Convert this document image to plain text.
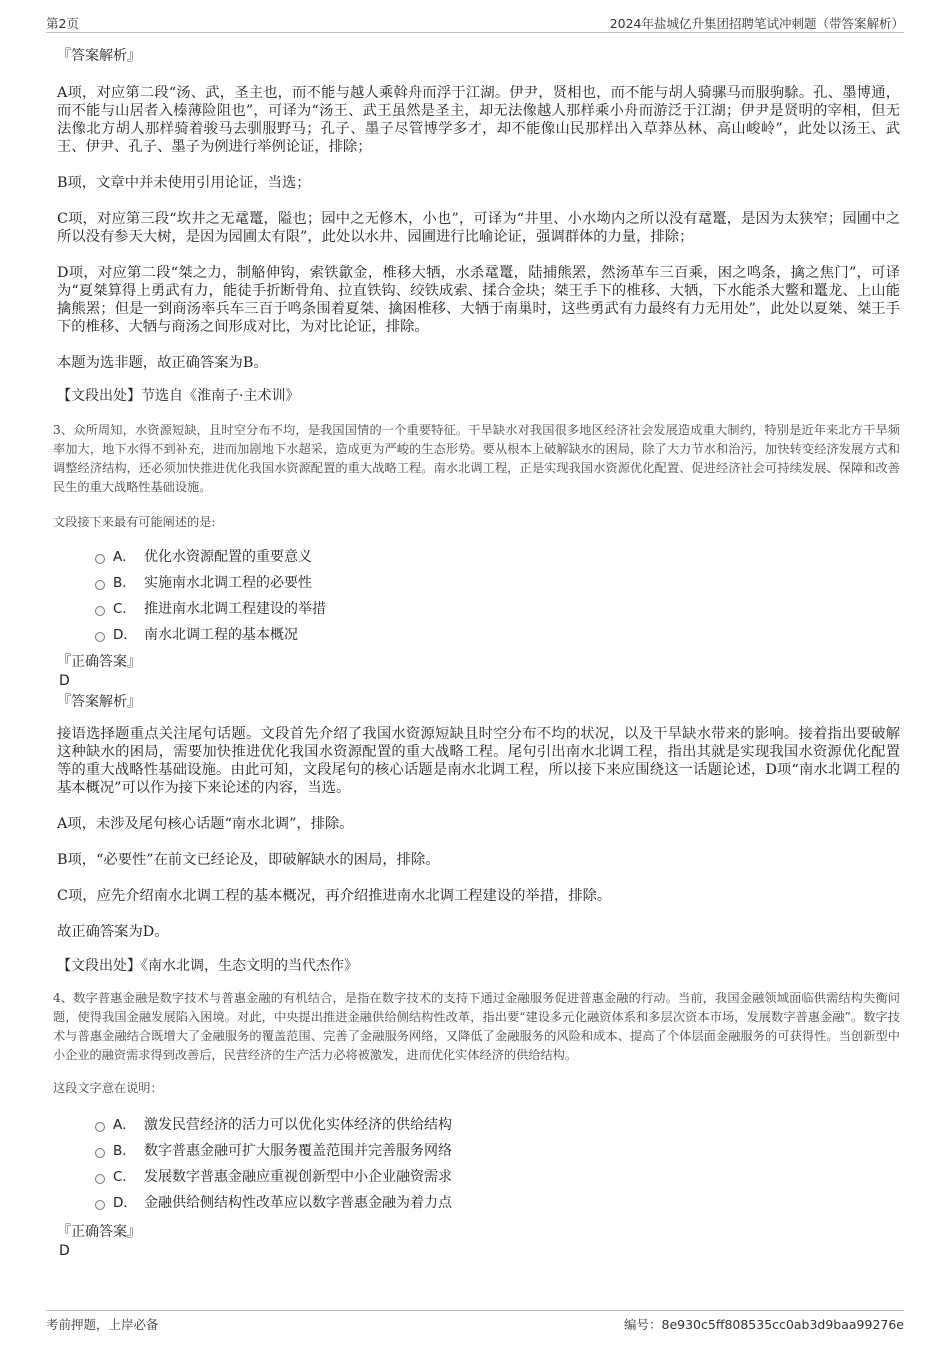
第2页	2024年盐城亿升集团招聘笔试冲刺题（带答案解析）

『答案解析』

A项，对应第二段“汤、武，圣主也，而不能与越人乘斡舟而浮于江湖。伊尹，贤相也，而不能与胡人骑骡马而服驹駼。孔、墨博通，而不能与山居者入榛薄险阻也”，可译为“汤王、武王虽然是圣主，却无法像越人那样乘小舟而游泛于江湖；伊尹是贤明的宰相，但无法像北方胡人那样骑着骏马去驯服野马；孔子、墨子尽管博学多才，却不能像山民那样出入草莽丛林、高山峻岭”，此处以汤王、武王、伊尹、孔子、墨子为例进行举例论证，排除；

B项，文章中并未使用引用论证，当选；

C项，对应第三段“坎井之无鼋鼍，隘也；园中之无修木，小也”，可译为“井里、小水坳内之所以没有鼋鼍，是因为太狭窄；园圃中之所以没有参天大树，是因为园圃太有限”，此处以水井、园圃进行比喻论证，强调群体的力量，排除；

D项，对应第二段“桀之力，制觡伸钩，索铁歙金，椎移大牺，水杀鼋鼍，陆捕熊罴，然汤革车三百乘，困之鸣条，擒之焦门”，可译为“夏桀算得上勇武有力，能徒手折断骨角、拉直铁钩、绞铁成索、揉合金块；桀王手下的椎移、大牺，下水能杀大鳖和鼍龙、上山能擒熊罴；但是一到商汤率兵车三百于鸣条围着夏桀、擒困椎移、大牺于南巢时，这些勇武有力最终有力无用处”，此处以夏桀、桀王手下的椎移、大牺与商汤之间形成对比，为对比论证，排除。

本题为选非题，故正确答案为B。

【文段出处】节选自《淮南子·主术训》

3、众所周知，水资源短缺，且时空分布不均，是我国国情的一个重要特征。干旱缺水对我国很多地区经济社会发展造成重大制约，特别是近年来北方干旱频率加大，地下水得不到补充，进而加剧地下水超采，造成更为严峻的生态形势。要从根本上破解缺水的困局，除了大力节水和治污，加快转变经济发展方式和调整经济结构，还必须加快推进优化我国水资源配置的重大战略工程。南水北调工程，正是实现我国水资源优化配置、促进经济社会可持续发展、保障和改善民生的重大战略性基础设施。

文段接下来最有可能阐述的是:

A． 优化水资源配置的重要意义
B． 实施南水北调工程的必要性
C． 推进南水北调工程建设的举措
D． 南水北调工程的基本概况

『正确答案』

D

『答案解析』

接语选择题重点关注尾句话题。文段首先介绍了我国水资源短缺且时空分布不均的状况，以及干旱缺水带来的影响。接着指出要破解这种缺水的困局，需要加快推进优化我国水资源配置的重大战略工程。尾句引出南水北调工程，指出其就是实现我国水资源优化配置等的重大战略性基础设施。由此可知，文段尾句的核心话题是南水北调工程，所以接下来应围绕这一话题论述，D项“南水北调工程的基本概况”可以作为接下来论述的内容，当选。

A项，未涉及尾句核心话题“南水北调”，排除。

B项，“必要性”在前文已经论及，即破解缺水的困局，排除。

C项，应先介绍南水北调工程的基本概况，再介绍推进南水北调工程建设的举措，排除。

故正确答案为D。

【文段出处】《南水北调，生态文明的当代杰作》

4、数字普惠金融是数字技术与普惠金融的有机结合，是指在数字技术的支持下通过金融服务促进普惠金融的行动。当前，我国金融领域面临供需结构失衡问题，使得我国金融发展陷入困境。对此，中央提出推进金融供给侧结构性改革，指出要“建设多元化融资体系和多层次资本市场，发展数字普惠金融”。数字技术与普惠金融结合既增大了金融服务的覆盖范围、完善了金融服务网络，又降低了金融服务的风险和成本、提高了个体层面金融服务的可获得性。当创新型中小企业的融资需求得到改善后，民营经济的生产活力必将被激发，进而优化实体经济的供给结构。

这段文字意在说明：

A． 激发民营经济的活力可以优化实体经济的供给结构
B． 数字普惠金融可扩大服务覆盖范围并完善服务网络
C． 发展数字普惠金融应重视创新型中小企业融资需求
D． 金融供给侧结构性改革应以数字普惠金融为着力点

『正确答案』

D

考前押题，上岸必备	编号：8e930c5ff808535cc0ab3d9baa99276e
